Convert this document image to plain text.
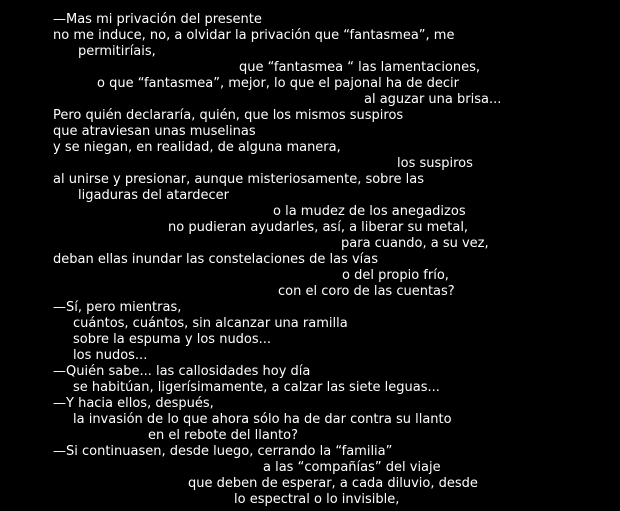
—Mas mi privación del presente
no me induce, no, a olvidar la privación que “fantasmea”, me
permitiríais,
que “fantasmea “ las lamentaciones,
o que “fantasmea”, mejor, lo que el pajonal ha de decir
al aguzar una brisa...
Pero quién declararía, quién, que los mismos suspiros
que atraviesan unas muselinas
y se niegan, en realidad, de alguna manera,
los suspiros
al unirse y presionar, aunque misteriosamente, sobre las
ligaduras del atardecer
o la mudez de los anegadizos
no pudieran ayudarles, así, a liberar su metal,
para cuando, a su vez,
deban ellas inundar las constelaciones de las vías
o del propio frío,
con el coro de las cuentas?
—Sí, pero mientras,
cuántos, cuántos, sin alcanzar una ramilla
sobre la espuma y los nudos...
los nudos...
—Quién sabe... las callosidades hoy día
se habitúan, ligerísimamente, a calzar las siete leguas...
—Y hacia ellos, después,
la invasión de lo que ahora sólo ha de dar contra su llanto
en el rebote del llanto?
—Si continuasen, desde luego, cerrando la “familia”
a las “compañías” del viaje
que deben de esperar, a cada diluvio, desde
lo espectral o lo invisible,
